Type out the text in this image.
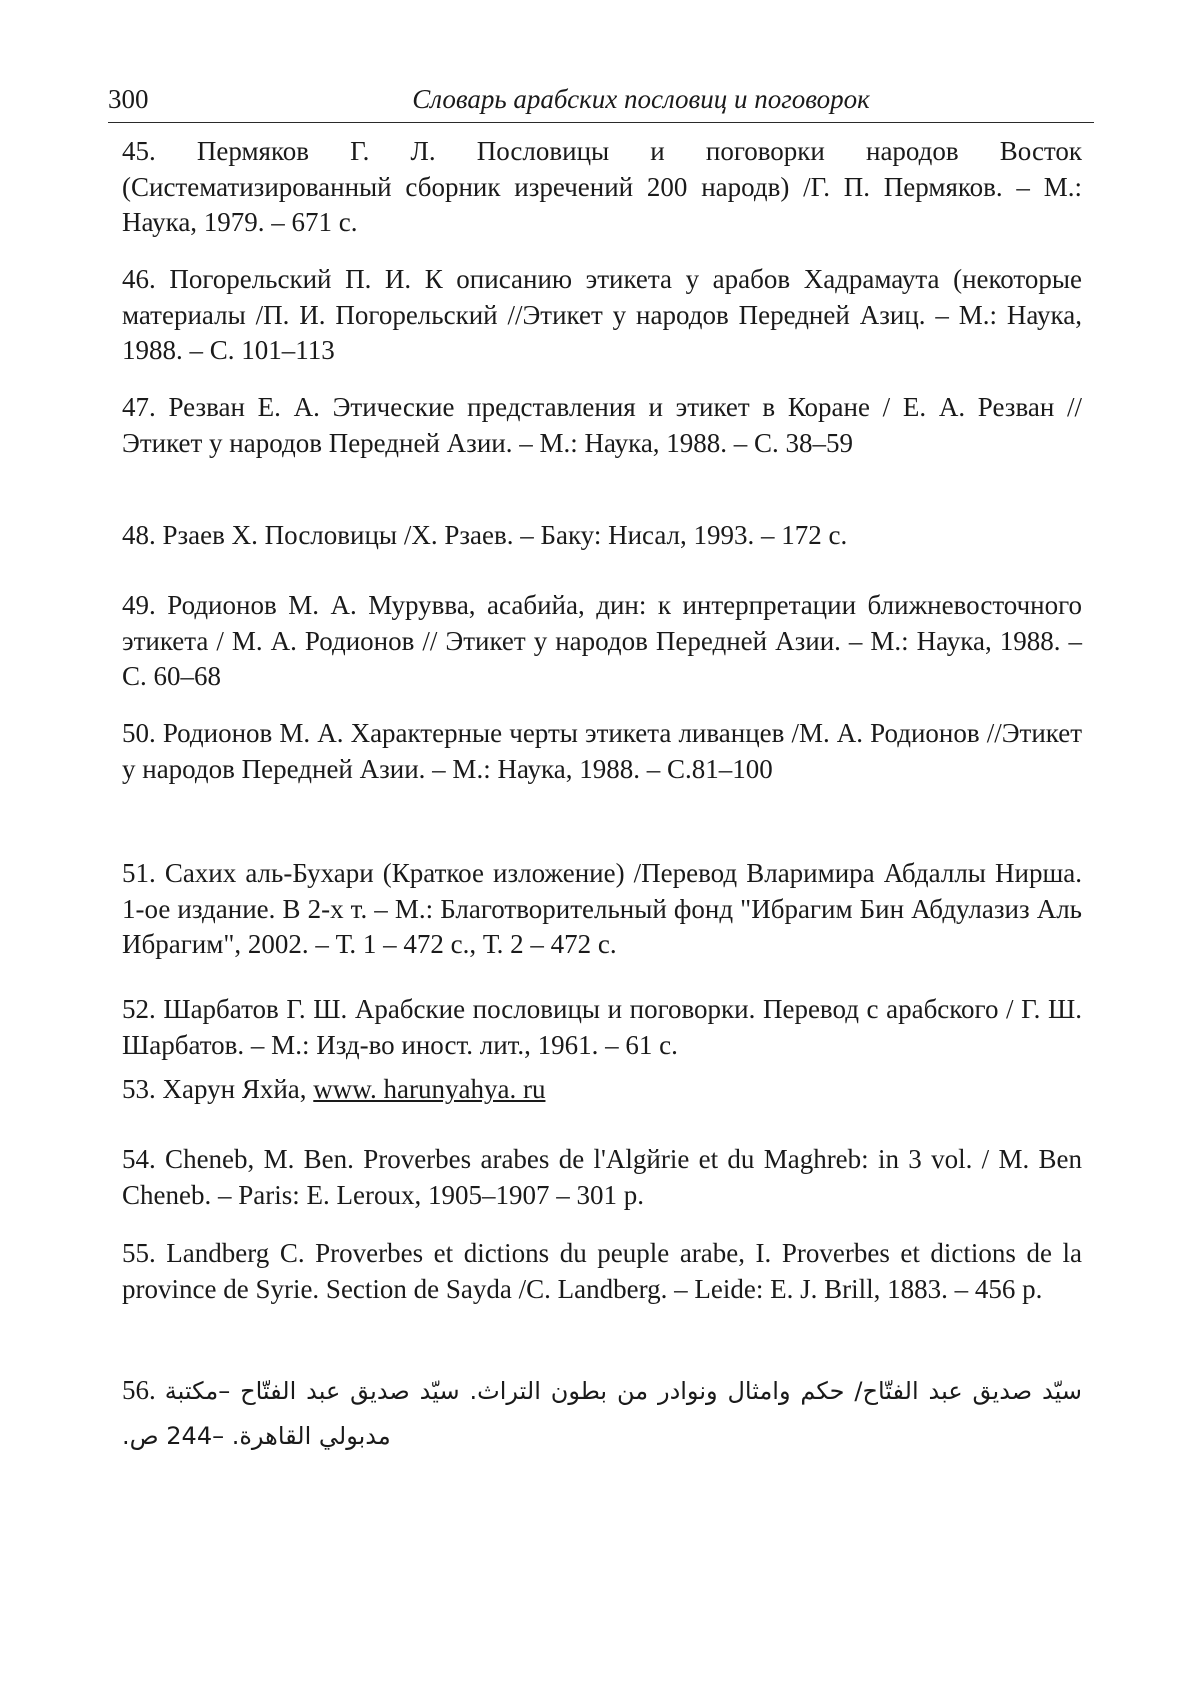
300	Словарь арабских пословиц и поговорок

45. Пермяков Г. Л. Пословицы и поговорки народов Восток (Систематизированный сборник изречений 200 народв) /Г. П. Пермяков. – М.: Наука, 1979. – 671 с.

46. Погорельский П. И. К описанию этикета у арабов Хадрамаута (некоторые материалы /П. И. Погорельский //Этикет у народов Передней Азиц. – М.: Наука, 1988. – С. 101–113

47. Резван Е. А. Этические представления и этикет в Коране / Е. А. Резван // Этикет у народов Передней Азии. – М.: Наука, 1988. – С. 38–59

48. Рзаев Х. Пословицы /Х. Рзаев. – Баку: Нисал, 1993. – 172 с.

49. Родионов М. А. Мурувва, асабийа, дин: к интерпретации ближневосточного этикета / М. А. Родионов // Этикет у народов Передней Азии. – М.: Наука, 1988. – С. 60–68

50. Родионов М. А. Характерные черты этикета ливанцев /М. А. Родионов //Этикет у народов Передней Азии. – М.: Наука, 1988. – С.81–100

51. Сахих аль-Бухари (Краткое изложение) /Перевод Вларимира Абдаллы Нирша. 1-ое издание. В 2-х т. – М.: Благотворительный фонд "Ибрагим Бин Абдулазиз Аль Ибрагим", 2002. – Т. 1 – 472 с., Т. 2 – 472 с.

52. Шарбатов Г. Ш. Арабские пословицы и поговорки. Перевод с арабского / Г. Ш. Шарбатов. – М.: Изд-во иност. лит., 1961. – 61 с.

53. Харун Яхйа, www. harunyahya. ru

54. Cheneb, M. Ben. Proverbes arabes de l'Algйrie et du Maghreb: in 3 vol. / M. Ben Cheneb. – Paris: E. Leroux, 1905–1907 – 301 p.

55. Landberg C. Proverbes et dictions du peuple arabe, I. Proverbes et dictions de la province de Syrie. Section de Sayda /C. Landberg. – Leide: E. J. Brill, 1883. – 456 p.

56. سيّد صديق عبد الفتّاح/ حكم وامثال ونوادر من بطون التراث. سيّد صديق عبد الفتّاح –مكتبة مدبولي القاهرة. –244 ص.
